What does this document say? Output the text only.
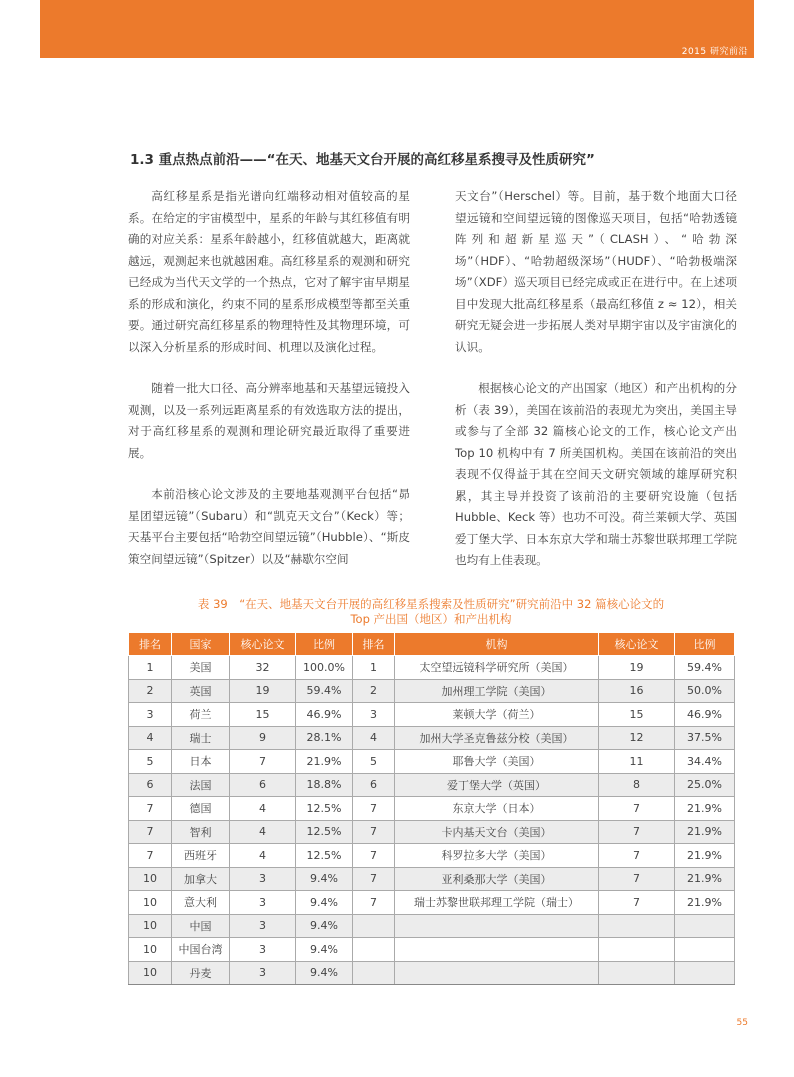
2015 研究前沿
1.3 重点热点前沿——“在天、地基天文台开展的高红移星系搜寻及性质研究”

高红移星系是指光谱向红端移动相对值较高的星系。在给定的宇宙模型中，星系的年龄与其红移值有明确的对应关系：星系年龄越小，红移值就越大，距离就越远，观测起来也就越困难。高红移星系的观测和研究已经成为当代天文学的一个热点，它对了解宇宙早期星系的形成和演化，约束不同的星系形成模型等都至关重要。通过研究高红移星系的物理特性及其物理环境，可以深入分析星系的形成时间、机理以及演化过程。

随着一批大口径、高分辨率地基和天基望远镜投入观测，以及一系列远距离星系的有效选取方法的提出，对于高红移星系的观测和理论研究最近取得了重要进展。

本前沿核心论文涉及的主要地基观测平台包括“昴星团望远镜”（Subaru）和“凯克天文台”（Keck）等；天基平台主要包括“哈勃空间望远镜”（Hubble）、“斯皮策空间望远镜”（Spitzer）以及“赫歇尔空间

天文台”（Herschel）等。目前，基于数个地面大口径望远镜和空间望远镜的图像巡天项目，包括“哈勃透镜阵列和超新星巡天”（CLASH）、“哈勃深场”（HDF）、“哈勃超级深场”（HUDF）、“哈勃极端深场”（XDF）巡天项目已经完成或正在进行中。在上述项目中发现大批高红移星系（最高红移值 z ≈ 12），相关研究无疑会进一步拓展人类对早期宇宙以及宇宙演化的认识。

根据核心论文的产出国家（地区）和产出机构的分析（表 39），美国在该前沿的表现尤为突出，美国主导或参与了全部 32 篇核心论文的工作，核心论文产出 Top 10 机构中有 7 所美国机构。美国在该前沿的突出表现不仅得益于其在空间天文研究领域的雄厚研究积累，其主导并投资了该前沿的主要研究设施（包括 Hubble、Keck 等）也功不可没。荷兰莱顿大学、英国爱丁堡大学、日本东京大学和瑞士苏黎世联邦理工学院也均有上佳表现。

表 39　“在天、地基天文台开展的高红移星系搜索及性质研究”研究前沿中 32 篇核心论文的
Top 产出国（地区）和产出机构
排名	国家	核心论文	比例	排名	机构	核心论文	比例
1	美国	32	100.0%	1	太空望远镜科学研究所（美国）	19	59.4%
2	英国	19	59.4%	2	加州理工学院（美国）	16	50.0%
3	荷兰	15	46.9%	3	莱顿大学（荷兰）	15	46.9%
4	瑞士	9	28.1%	4	加州大学圣克鲁兹分校（美国）	12	37.5%
5	日本	7	21.9%	5	耶鲁大学（美国）	11	34.4%
6	法国	6	18.8%	6	爱丁堡大学（英国）	8	25.0%
7	德国	4	12.5%	7	东京大学（日本）	7	21.9%
7	智利	4	12.5%	7	卡内基天文台（美国）	7	21.9%
7	西班牙	4	12.5%	7	科罗拉多大学（美国）	7	21.9%
10	加拿大	3	9.4%	7	亚利桑那大学（美国）	7	21.9%
10	意大利	3	9.4%	7	瑞士苏黎世联邦理工学院（瑞士）	7	21.9%
10	中国	3	9.4%				
10	中国台湾	3	9.4%				
10	丹麦	3	9.4%				
55
